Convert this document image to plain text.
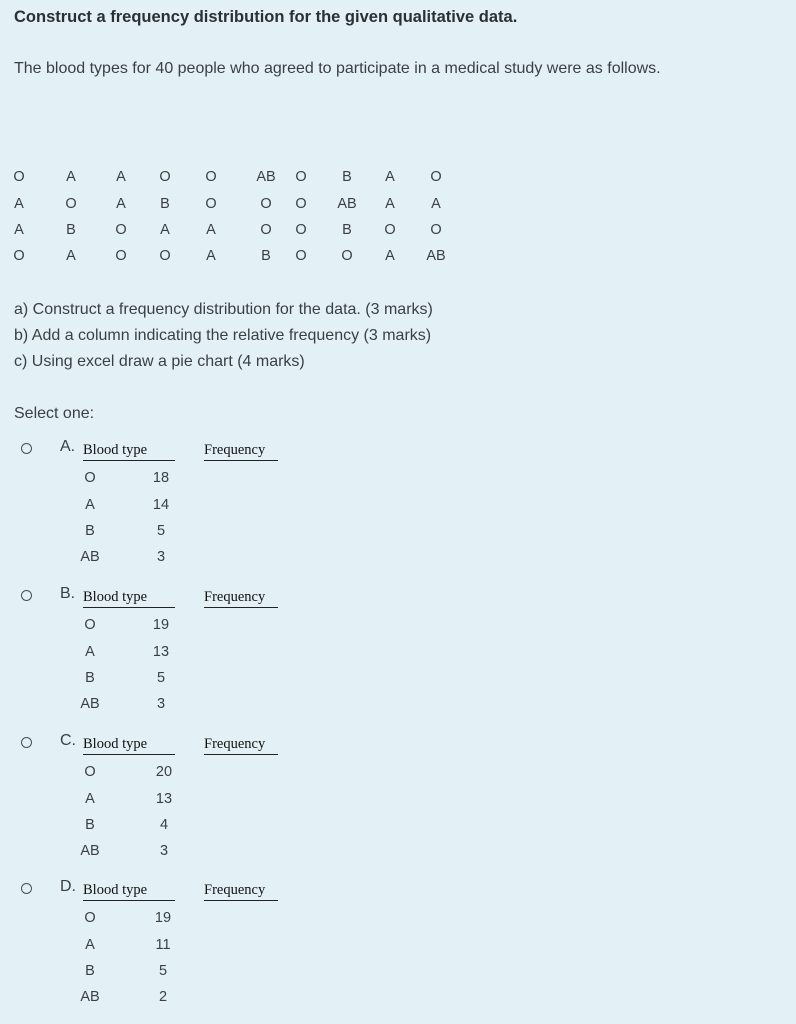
Construct a frequency distribution for the given qualitative data.
The blood types for 40 people who agreed to participate in a medical study were as follows.
O	A	A O O	AB O B A O
A	O	A B O	O O AB A	A
A	B	O A	A	O O B O O
O	A	O O A	B O O A AB
a) Construct a frequency distribution for the data. (3 marks)
b) Add a column indicating the relative frequency (3 marks)
c) Using excel draw a pie chart (4 marks)
Select one:
A. Blood type	Frequency
O	18
A	14
B	5
AB	3
B. Blood type	Frequency
O	19
A	13
B	5
AB	3
C. Blood type	Frequency
O	20
A	13
B	4
AB	3
D. Blood type	Frequency
O	19
A	11
B	5
AB	2
